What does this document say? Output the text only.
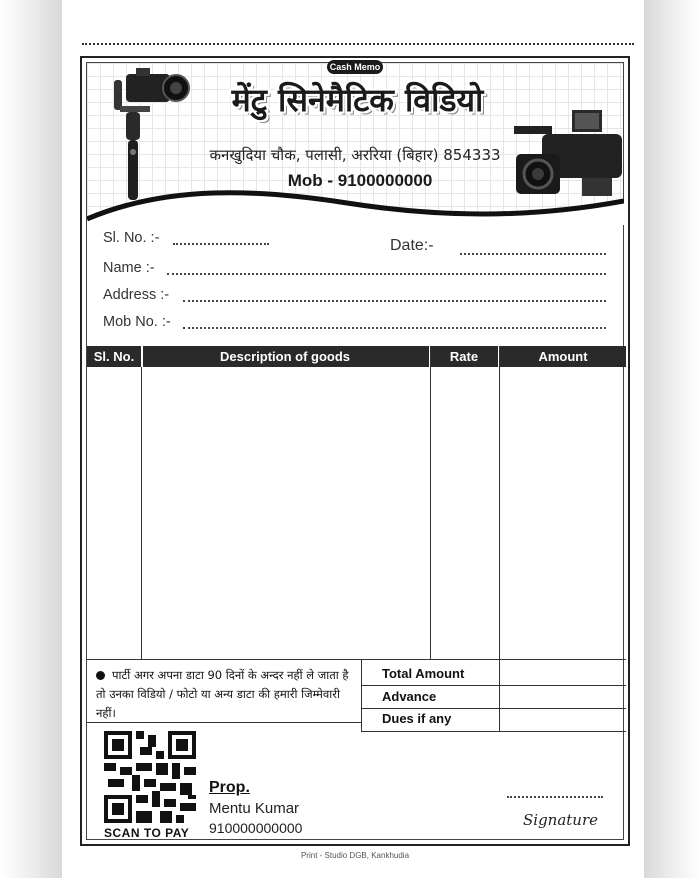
Cash Memo
मेंटु सिनेमैटिक विडियो
कनखुदिया चौक, पलासी, अररिया (बिहार) 854333
Mob - 9100000000
Sl. No. :-	Date:-
Name :-
Address :-
Mob No. :-
Sl. No.	Description of goods	Rate	Amount
पार्टी अगर अपना डाटा 90 दिनों के अन्दर नहीं ले जाता है तो उनका विडियो / फोटो या अन्य डाटा की हमारी जिम्मेवारी नहीं।
Total Amount
Advance
Dues if any
SCAN TO PAY
Prop.
Mentu Kumar
910000000000	Signature
Print - Studio DGB, Kankhudia
